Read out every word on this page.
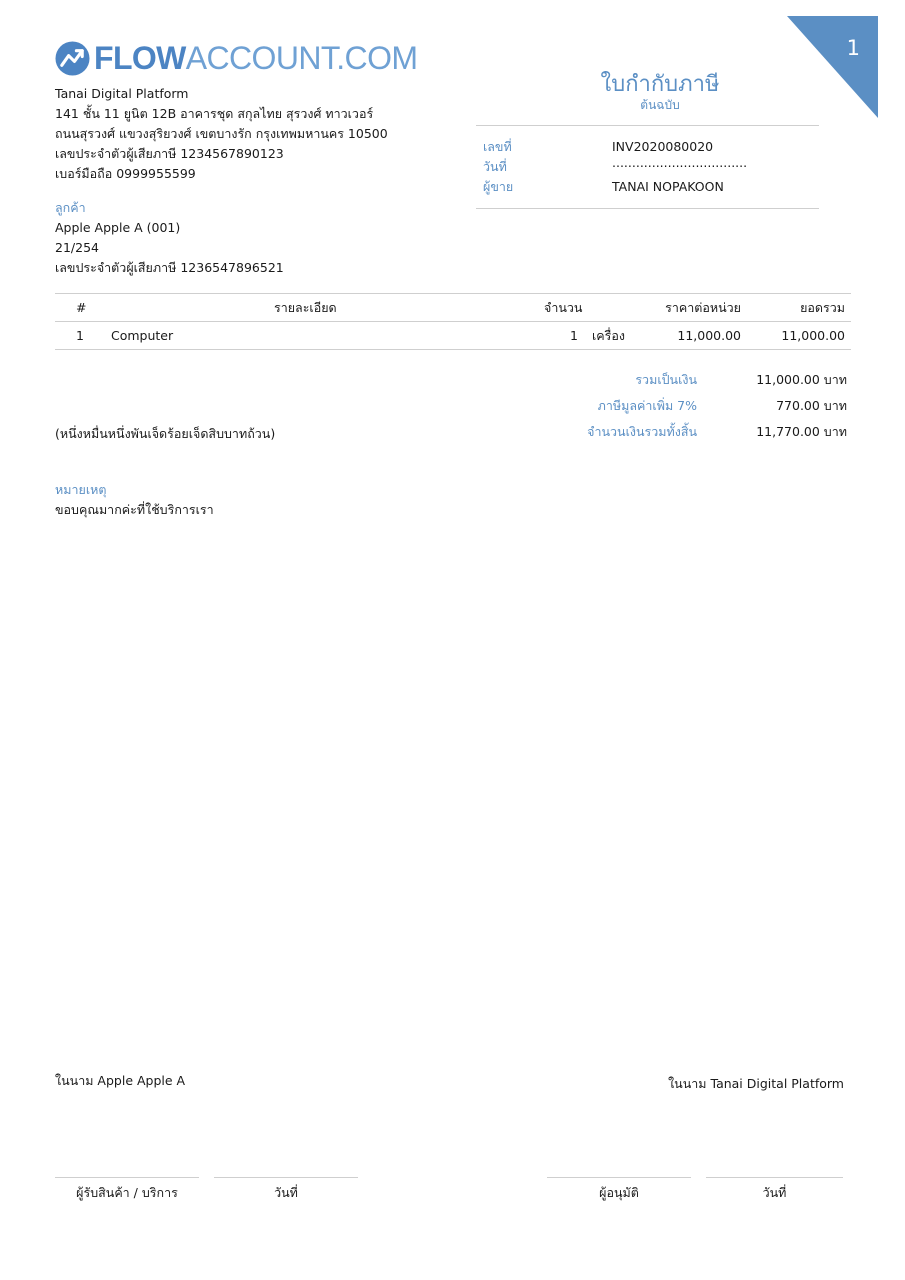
FLOWACCOUNT.COM	1
Tanai Digital Platform
141 ชั้น 11 ยูนิต 12B อาคารชุด สกุลไทย สุรวงศ์ ทาวเวอร์
ถนนสุรวงศ์ แขวงสุริยวงศ์ เขตบางรัก กรุงเทพมหานคร 10500
เลขประจำตัวผู้เสียภาษี 1234567890123
เบอร์มือถือ 0999955599
ใบกำกับภาษี
ต้นฉบับ
เลขที่	INV2020080020
วันที่	..................................
ผู้ขาย	TANAI NOPAKOON
ลูกค้า
Apple Apple A (001)
21/254
เลขประจำตัวผู้เสียภาษี 1236547896521
#	รายละเอียด	จำนวน	ราคาต่อหน่วย	ยอดรวม
1 Computer	1 เครื่อง	11,000.00	11,000.00
รวมเป็นเงิน	11,000.00 บาท
ภาษีมูลค่าเพิ่ม 7%	770.00 บาท
จำนวนเงินรวมทั้งสิ้น	11,770.00 บาท
(หนึ่งหมื่นหนึ่งพันเจ็ดร้อยเจ็ดสิบบาทถ้วน)
หมายเหตุ
ขอบคุณมากค่ะที่ใช้บริการเรา
ในนาม Apple Apple A	ในนาม Tanai Digital Platform
ผู้รับสินค้า / บริการ	วันที่	ผู้อนุมัติ	วันที่
